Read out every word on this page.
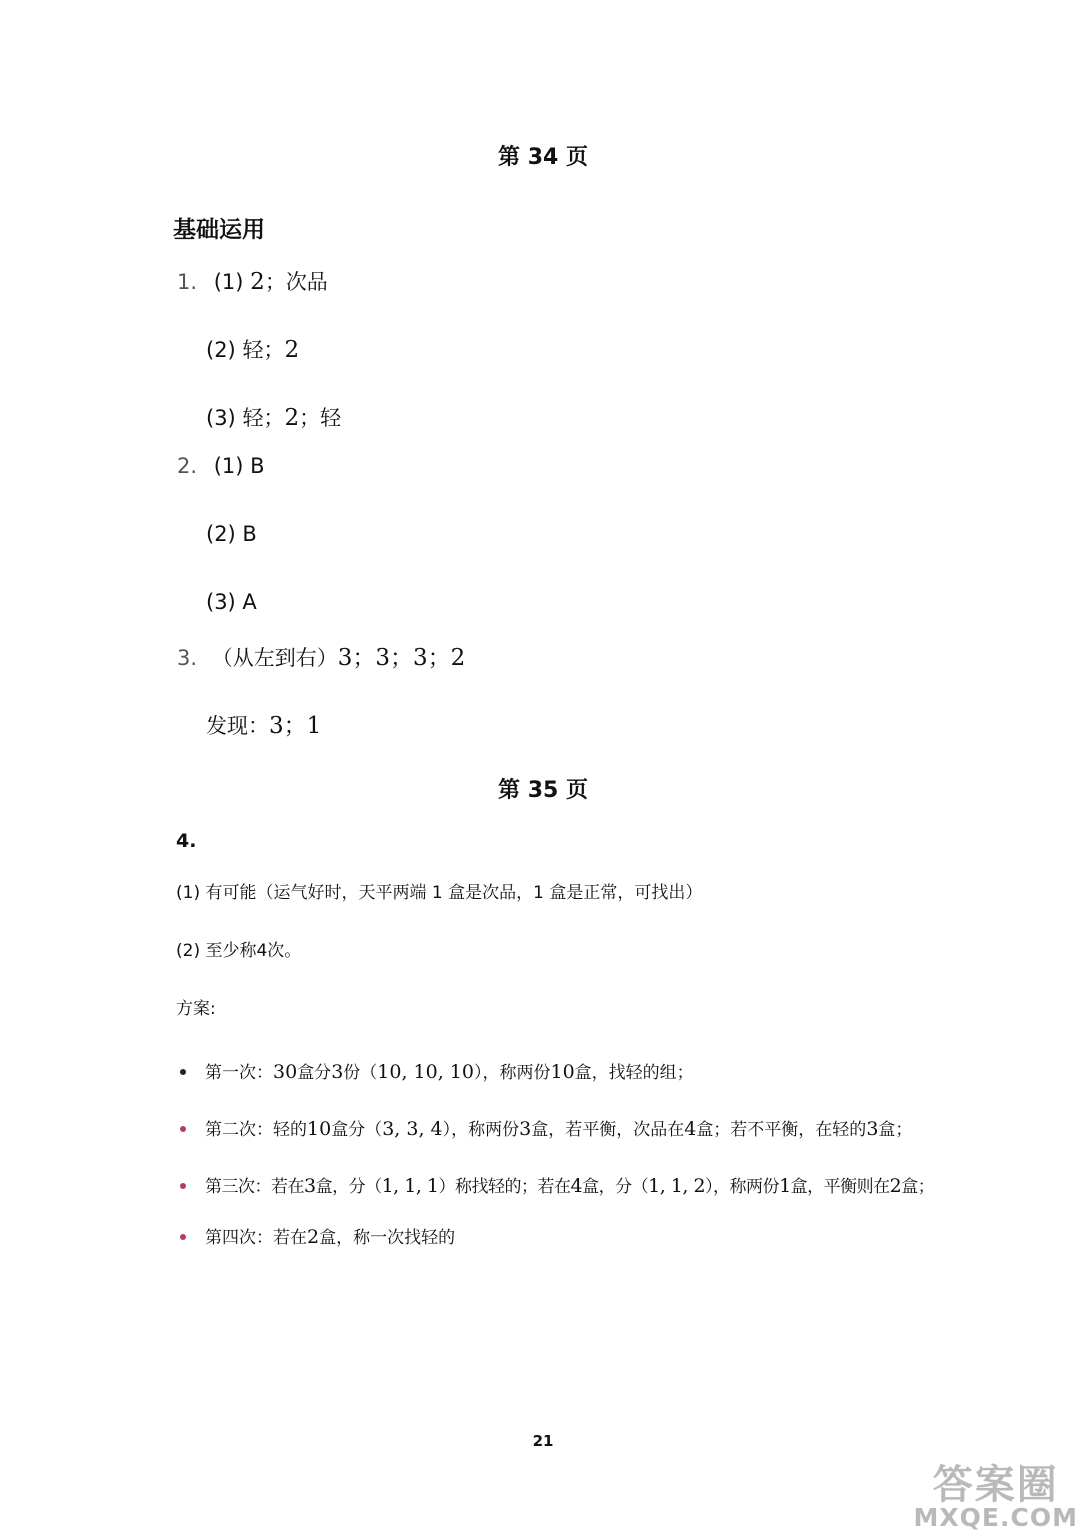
第 34 页
基础运用
1. (1) 2；次品
(2) 轻；2
(3) 轻；2；轻
2. (1) B
(2) B
(3) A
3. （从左到右）3；3；3；2
发现：3；1
第 35 页
4.
(1) 有可能（运气好时，天平两端 1 盒是次品，1 盒是正常，可找出）
(2) 至少称4次。
方案:
第一次：30盒分3份（10, 10, 10），称两份10盒，找轻的组；
第二次：轻的10盒分（3, 3, 4），称两份3盒，若平衡，次品在4盒；若不平衡，在轻的3盒；
第三次：若在3盒，分（1, 1, 1）称找轻的；若在4盒，分（1, 1, 2），称两份1盒，平衡则在2盒；
第四次：若在2盒，称一次找轻的
21
答案圈
MXQE.COM
